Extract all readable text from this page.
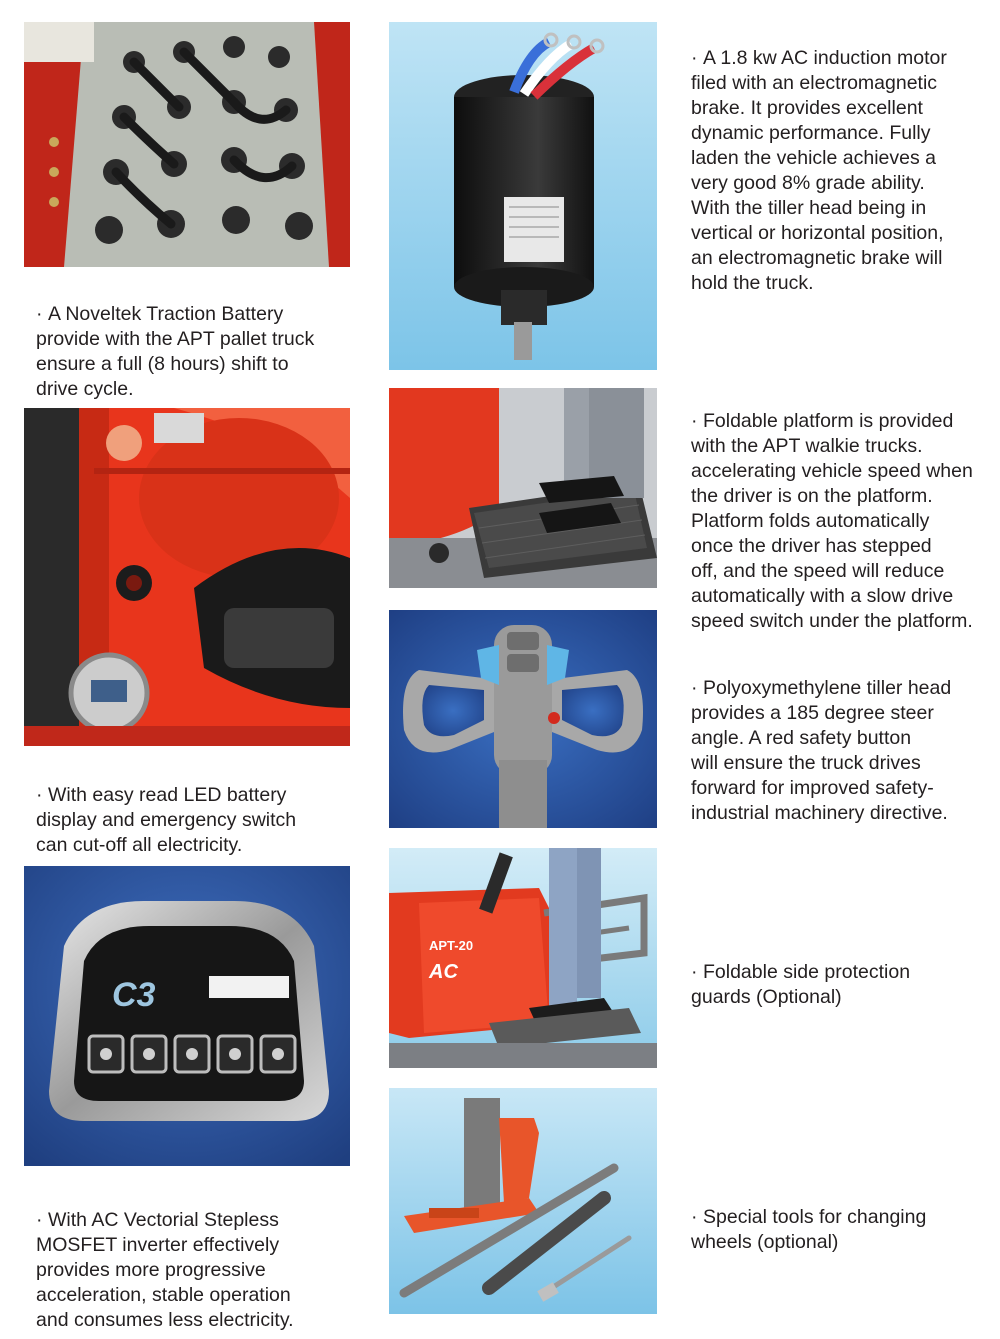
· A Noveltek Traction Battery
provide with the APT pallet truck
ensure a full (8 hours) shift to
drive cycle.

· With easy read LED battery
display and emergency switch
can cut-off all electricity.

C3

· With AC Vectorial Stepless
MOSFET inverter effectively
provides more progressive
acceleration, stable operation
and consumes less electricity.

APT-20
AC

· A 1.8 kw AC induction motor
filed with an electromagnetic
brake. It provides excellent
dynamic performance. Fully
laden the vehicle achieves a
very good 8% grade ability.
With the tiller head being in
vertical or horizontal position,
an electromagnetic brake will
hold the truck.

· Foldable platform is provided
with the APT walkie trucks.
accelerating vehicle speed when
the driver is on the platform.
Platform folds automatically
once the driver has stepped
off, and the speed will reduce
automatically with a slow drive
speed switch under the platform.

· Polyoxymethylene tiller head
provides a 185 degree steer
angle. A red safety button
will ensure the truck drives
forward for improved safety-
industrial machinery directive.

· Foldable side protection
guards (Optional)

· Special tools for changing
wheels (optional)
